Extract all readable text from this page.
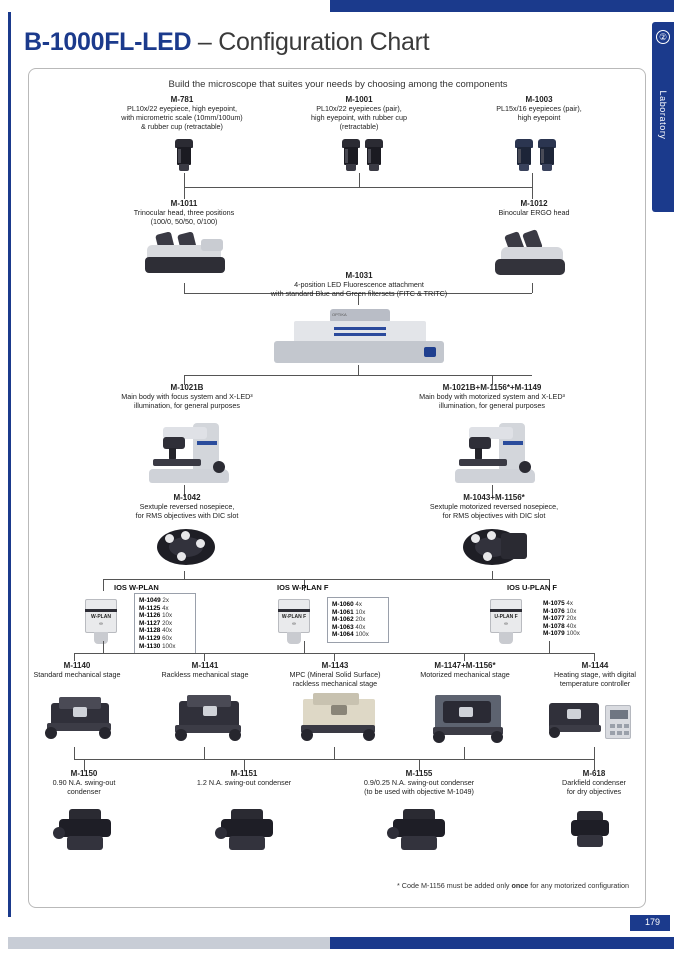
②
Laboratory
179
B-1000FL-LED – Configuration Chart
Build the microscope that suites your needs by choosing among the components
M-781
PL10x/22 eyepiece, high eyepoint,
with micrometric scale (10mm/100um)
& rubber cup (retractable)
M-1001
PL10x/22 eyepieces (pair),
high eyepoint, with rubber cup
(retractable)
M-1003
PL15x/16 eyepieces (pair),
high eyepoint
M-1011
Trinocular head, three positions
(100/0, 50/50, 0/100)
M-1012
Binocular ERGO head
M-1031
4-position LED Fluorescence attachment
with standard Blue and Green filtersets (FITC & TRITC)
OPTIKA
M-1021B
Main body with focus system and X-LED³
illumination, for general purposes
M-1021B+M-1156*+M-1149
Main body with motorized system and X-LED³
illumination, for general purposes
M-1042
Sextuple reversed nosepiece,
for RMS objectives with DIC slot
M-1043+M-1156*
Sextuple motorized reversed nosepiece,
for RMS objectives with DIC slot
IOS W-PLAN	IOS W-PLAN F	IOS U-PLAN F
W-PLAN
∞
M-1049 2x
M-1125 4x
M-1126 10x
M-1127 20x
M-1128 40x
M-1129 60x
M-1130 100x
W-PLAN F
∞
M-1060 4x
M-1061 10x
M-1062 20x
M-1063 40x
M-1064 100x
U-PLAN F
∞
M-1075 4x
M-1076 10x
M-1077 20x
M-1078 40x
M-1079 100x
M-1140
Standard mechanical stage
M-1141
Rackless mechanical stage
M-1143
MPC (Mineral Solid Surface)
rackless mechanical stage
M-1147+M-1156*
Motorized mechanical stage
M-1144
Heating stage, with digital
temperature controller
M-1150
0.90 N.A. swing-out
condenser
M-1151
1.2 N.A. swing-out condenser
M-1155
0.9/0.25 N.A. swing-out condenser
(to be used with objective M-1049)
M-618
Darkfield condenser
for dry objectives
* Code M-1156 must be added only once for any motorized configuration
